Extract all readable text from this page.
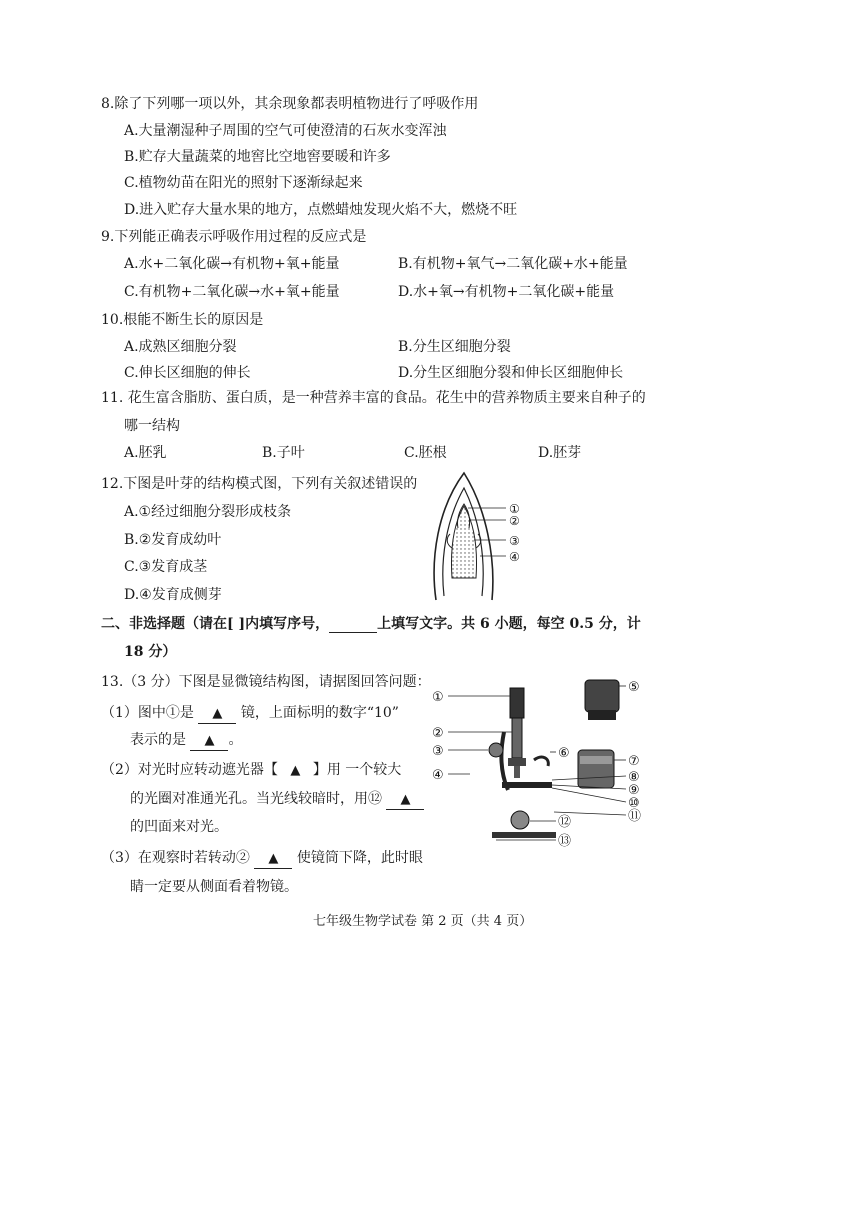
8.除了下列哪一项以外，其余现象都表明植物进行了呼吸作用
A.大量潮湿种子周围的空气可使澄清的石灰水变浑浊
B.贮存大量蔬菜的地窖比空地窖要暖和许多
C.植物幼苗在阳光的照射下逐渐绿起来
D.进入贮存大量水果的地方，点燃蜡烛发现火焰不大，燃烧不旺
9.下列能正确表示呼吸作用过程的反应式是
A.水+二氧化碳→有机物+氧+能量	B.有机物+氧气→二氧化碳+水+能量
C.有机物+二氧化碳→水+氧+能量	D.水+氧→有机物+二氧化碳+能量
10.根能不断生长的原因是
A.成熟区细胞分裂	B.分生区细胞分裂
C.伸长区细胞的伸长	D.分生区细胞分裂和伸长区细胞伸长
11. 花生富含脂肪、蛋白质，是一种营养丰富的食品。花生中的营养物质主要来自种子的
哪一结构
A.胚乳	B.子叶	C.胚根	D.胚芽
12.下图是叶芽的结构模式图，下列有关叙述错误的
A.①经过细胞分裂形成枝条
B.②发育成幼叶
C.③发育成茎
D.④发育成侧芽
①
②
③
④
二、非选择题（请在[ ]内填写序号，	上填写文字。共 6 小题，每空 0.5 分，计
18 分）
13.（3 分）下图是显微镜结构图，请据图回答问题：
（1）图中①是 ▲ 镜，上面标明的数字“10”
表示的是 ▲ 。
（2）对光时应转动遮光器【 ▲ 】用 一个较大
的光圈对准通光孔。当光线较暗时，用⑫ ▲
的凹面来对光。
（3）在观察时若转动② ▲ 使镜筒下降，此时眼
睛一定要从侧面看着物镜。
①
②
③
④
⑤
⑥
⑦
⑧
⑨
⑩
⑪
⑫
⑬
七年级生物学试卷 第 2 页（共 4 页）
